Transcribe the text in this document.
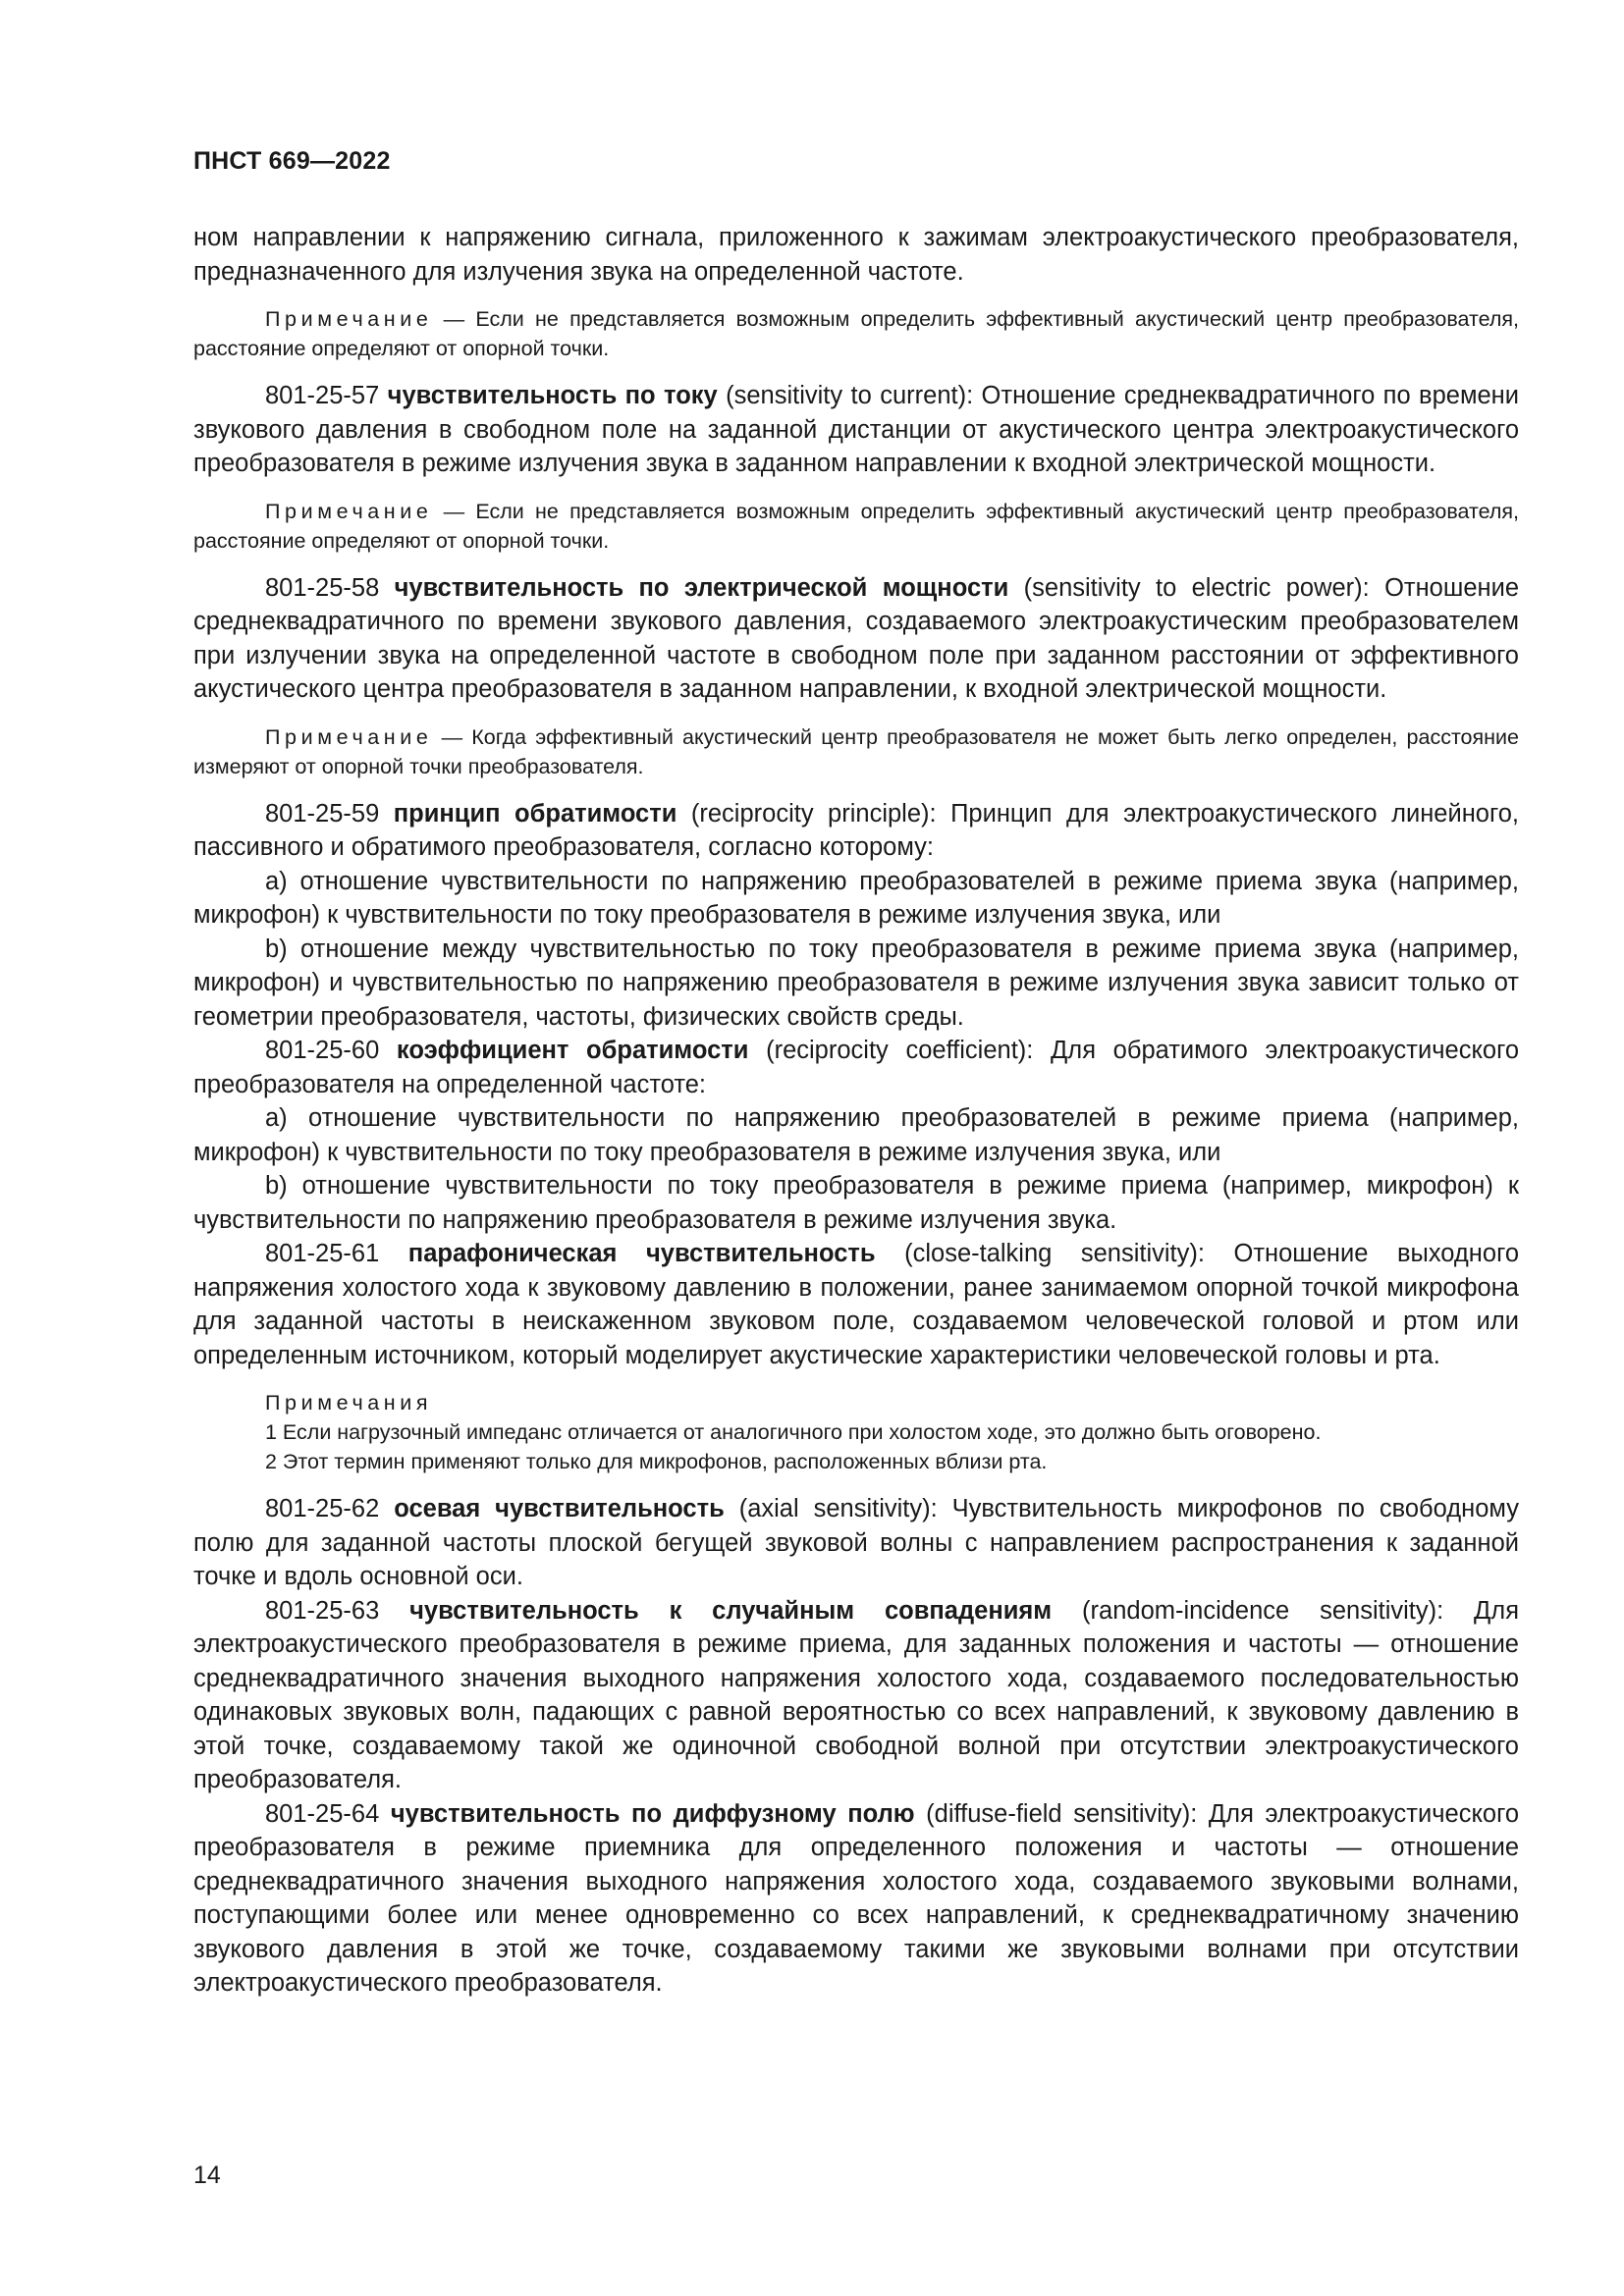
ПНСТ 669—2022

ном направлении к напряжению сигнала, приложенного к зажимам электроакустического преобразователя, предназначенного для излучения звука на определенной частоте.

Примечание — Если не представляется возможным определить эффективный акустический центр преобразователя, расстояние определяют от опорной точки.

801-25-57 чувствительность по току (sensitivity to current): Отношение среднеквадратичного по времени звукового давления в свободном поле на заданной дистанции от акустического центра электроакустического преобразователя в режиме излучения звука в заданном направлении к входной электрической мощности.

Примечание — Если не представляется возможным определить эффективный акустический центр преобразователя, расстояние определяют от опорной точки.

801-25-58 чувствительность по электрической мощности (sensitivity to electric power): Отношение среднеквадратичного по времени звукового давления, создаваемого электроакустическим преобразователем при излучении звука на определенной частоте в свободном поле при заданном расстоянии от эффективного акустического центра преобразователя в заданном направлении, к входной электрической мощности.

Примечание — Когда эффективный акустический центр преобразователя не может быть легко определен, расстояние измеряют от опорной точки преобразователя.

801-25-59 принцип обратимости (reciprocity principle): Принцип для электроакустического линейного, пассивного и обратимого преобразователя, согласно которому:

а) отношение чувствительности по напряжению преобразователей в режиме приема звука (например, микрофон) к чувствительности по току преобразователя в режиме излучения звука, или

b) отношение между чувствительностью по току преобразователя в режиме приема звука (например, микрофон) и чувствительностью по напряжению преобразователя в режиме излучения звука зависит только от геометрии преобразователя, частоты, физических свойств среды.

801-25-60 коэффициент обратимости (reciprocity coefficient): Для обратимого электроакустического преобразователя на определенной частоте:

а) отношение чувствительности по напряжению преобразователей в режиме приема (например, микрофон) к чувствительности по току преобразователя в режиме излучения звука, или

b) отношение чувствительности по току преобразователя в режиме приема (например, микрофон) к чувствительности по напряжению преобразователя в режиме излучения звука.

801-25-61 парафоническая чувствительность (close-talking sensitivity): Отношение выходного напряжения холостого хода к звуковому давлению в положении, ранее занимаемом опорной точкой микрофона для заданной частоты в неискаженном звуковом поле, создаваемом человеческой головой и ртом или определенным источником, который моделирует акустические характеристики человеческой головы и рта.

Примечания

1 Если нагрузочный импеданс отличается от аналогичного при холостом ходе, это должно быть оговорено.

2 Этот термин применяют только для микрофонов, расположенных вблизи рта.

801-25-62 осевая чувствительность (axial sensitivity): Чувствительность микрофонов по свободному полю для заданной частоты плоской бегущей звуковой волны с направлением распространения к заданной точке и вдоль основной оси.

801-25-63 чувствительность к случайным совпадениям (random-incidence sensitivity): Для электроакустического преобразователя в режиме приема, для заданных положения и частоты — отношение среднеквадратичного значения выходного напряжения холостого хода, создаваемого последовательностью одинаковых звуковых волн, падающих с равной вероятностью со всех направлений, к звуковому давлению в этой точке, создаваемому такой же одиночной свободной волной при отсутствии электроакустического преобразователя.

801-25-64 чувствительность по диффузному полю (diffuse-field sensitivity): Для электроакустического преобразователя в режиме приемника для определенного положения и частоты — отношение среднеквадратичного значения выходного напряжения холостого хода, создаваемого звуковыми волнами, поступающими более или менее одновременно со всех направлений, к среднеквадратичному значению звукового давления в этой же точке, создаваемому такими же звуковыми волнами при отсутствии электроакустического преобразователя.

14
